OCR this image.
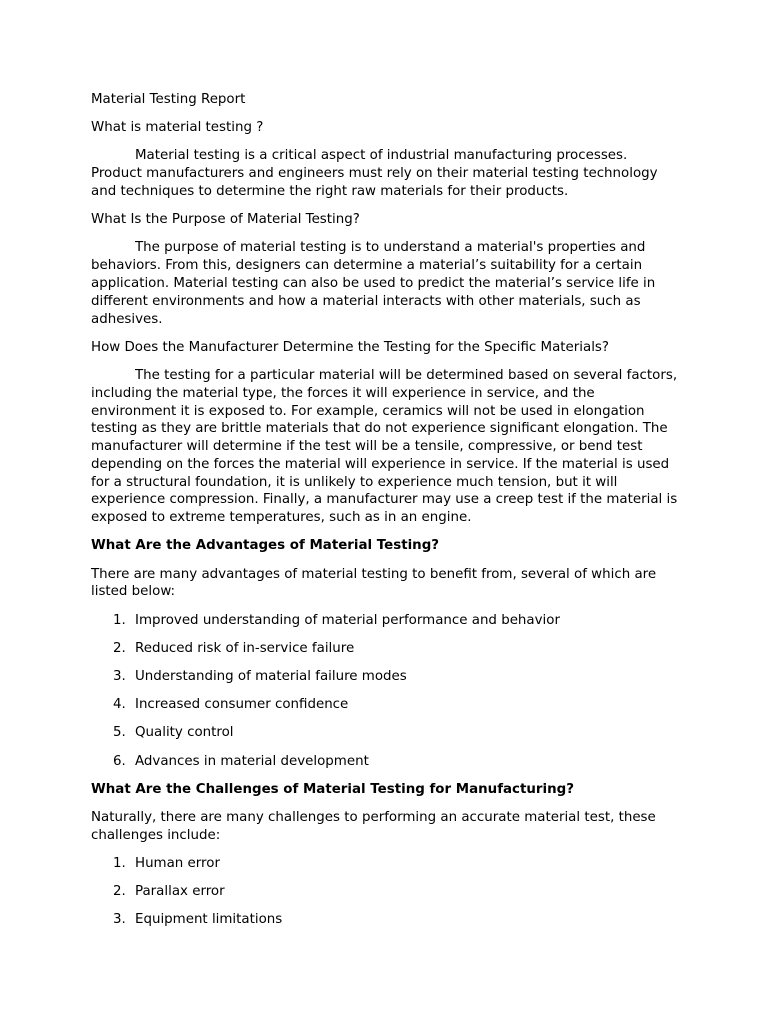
Material Testing Report

What is material testing ?

Material testing is a critical aspect of industrial manufacturing processes. Product manufacturers and engineers must rely on their material testing technology and techniques to determine the right raw materials for their products.

What Is the Purpose of Material Testing?

The purpose of material testing is to understand a material's properties and behaviors. From this, designers can determine a material’s suitability for a certain application. Material testing can also be used to predict the material’s service life in different environments and how a material interacts with other materials, such as adhesives.

How Does the Manufacturer Determine the Testing for the Specific Materials?

The testing for a particular material will be determined based on several factors, including the material type, the forces it will experience in service, and the environment it is exposed to. For example, ceramics will not be used in elongation testing as they are brittle materials that do not experience significant elongation. The manufacturer will determine if the test will be a tensile, compressive, or bend test depending on the forces the material will experience in service. If the material is used for a structural foundation, it is unlikely to experience much tension, but it will experience compression. Finally, a manufacturer may use a creep test if the material is exposed to extreme temperatures, such as in an engine.

What Are the Advantages of Material Testing?

There are many advantages of material testing to benefit from, several of which are listed below:

1. Improved understanding of material performance and behavior
2. Reduced risk of in-service failure
3. Understanding of material failure modes
4. Increased consumer confidence
5. Quality control
6. Advances in material development

What Are the Challenges of Material Testing for Manufacturing?

Naturally, there are many challenges to performing an accurate material test, these challenges include:

1. Human error
2. Parallax error
3. Equipment limitations
